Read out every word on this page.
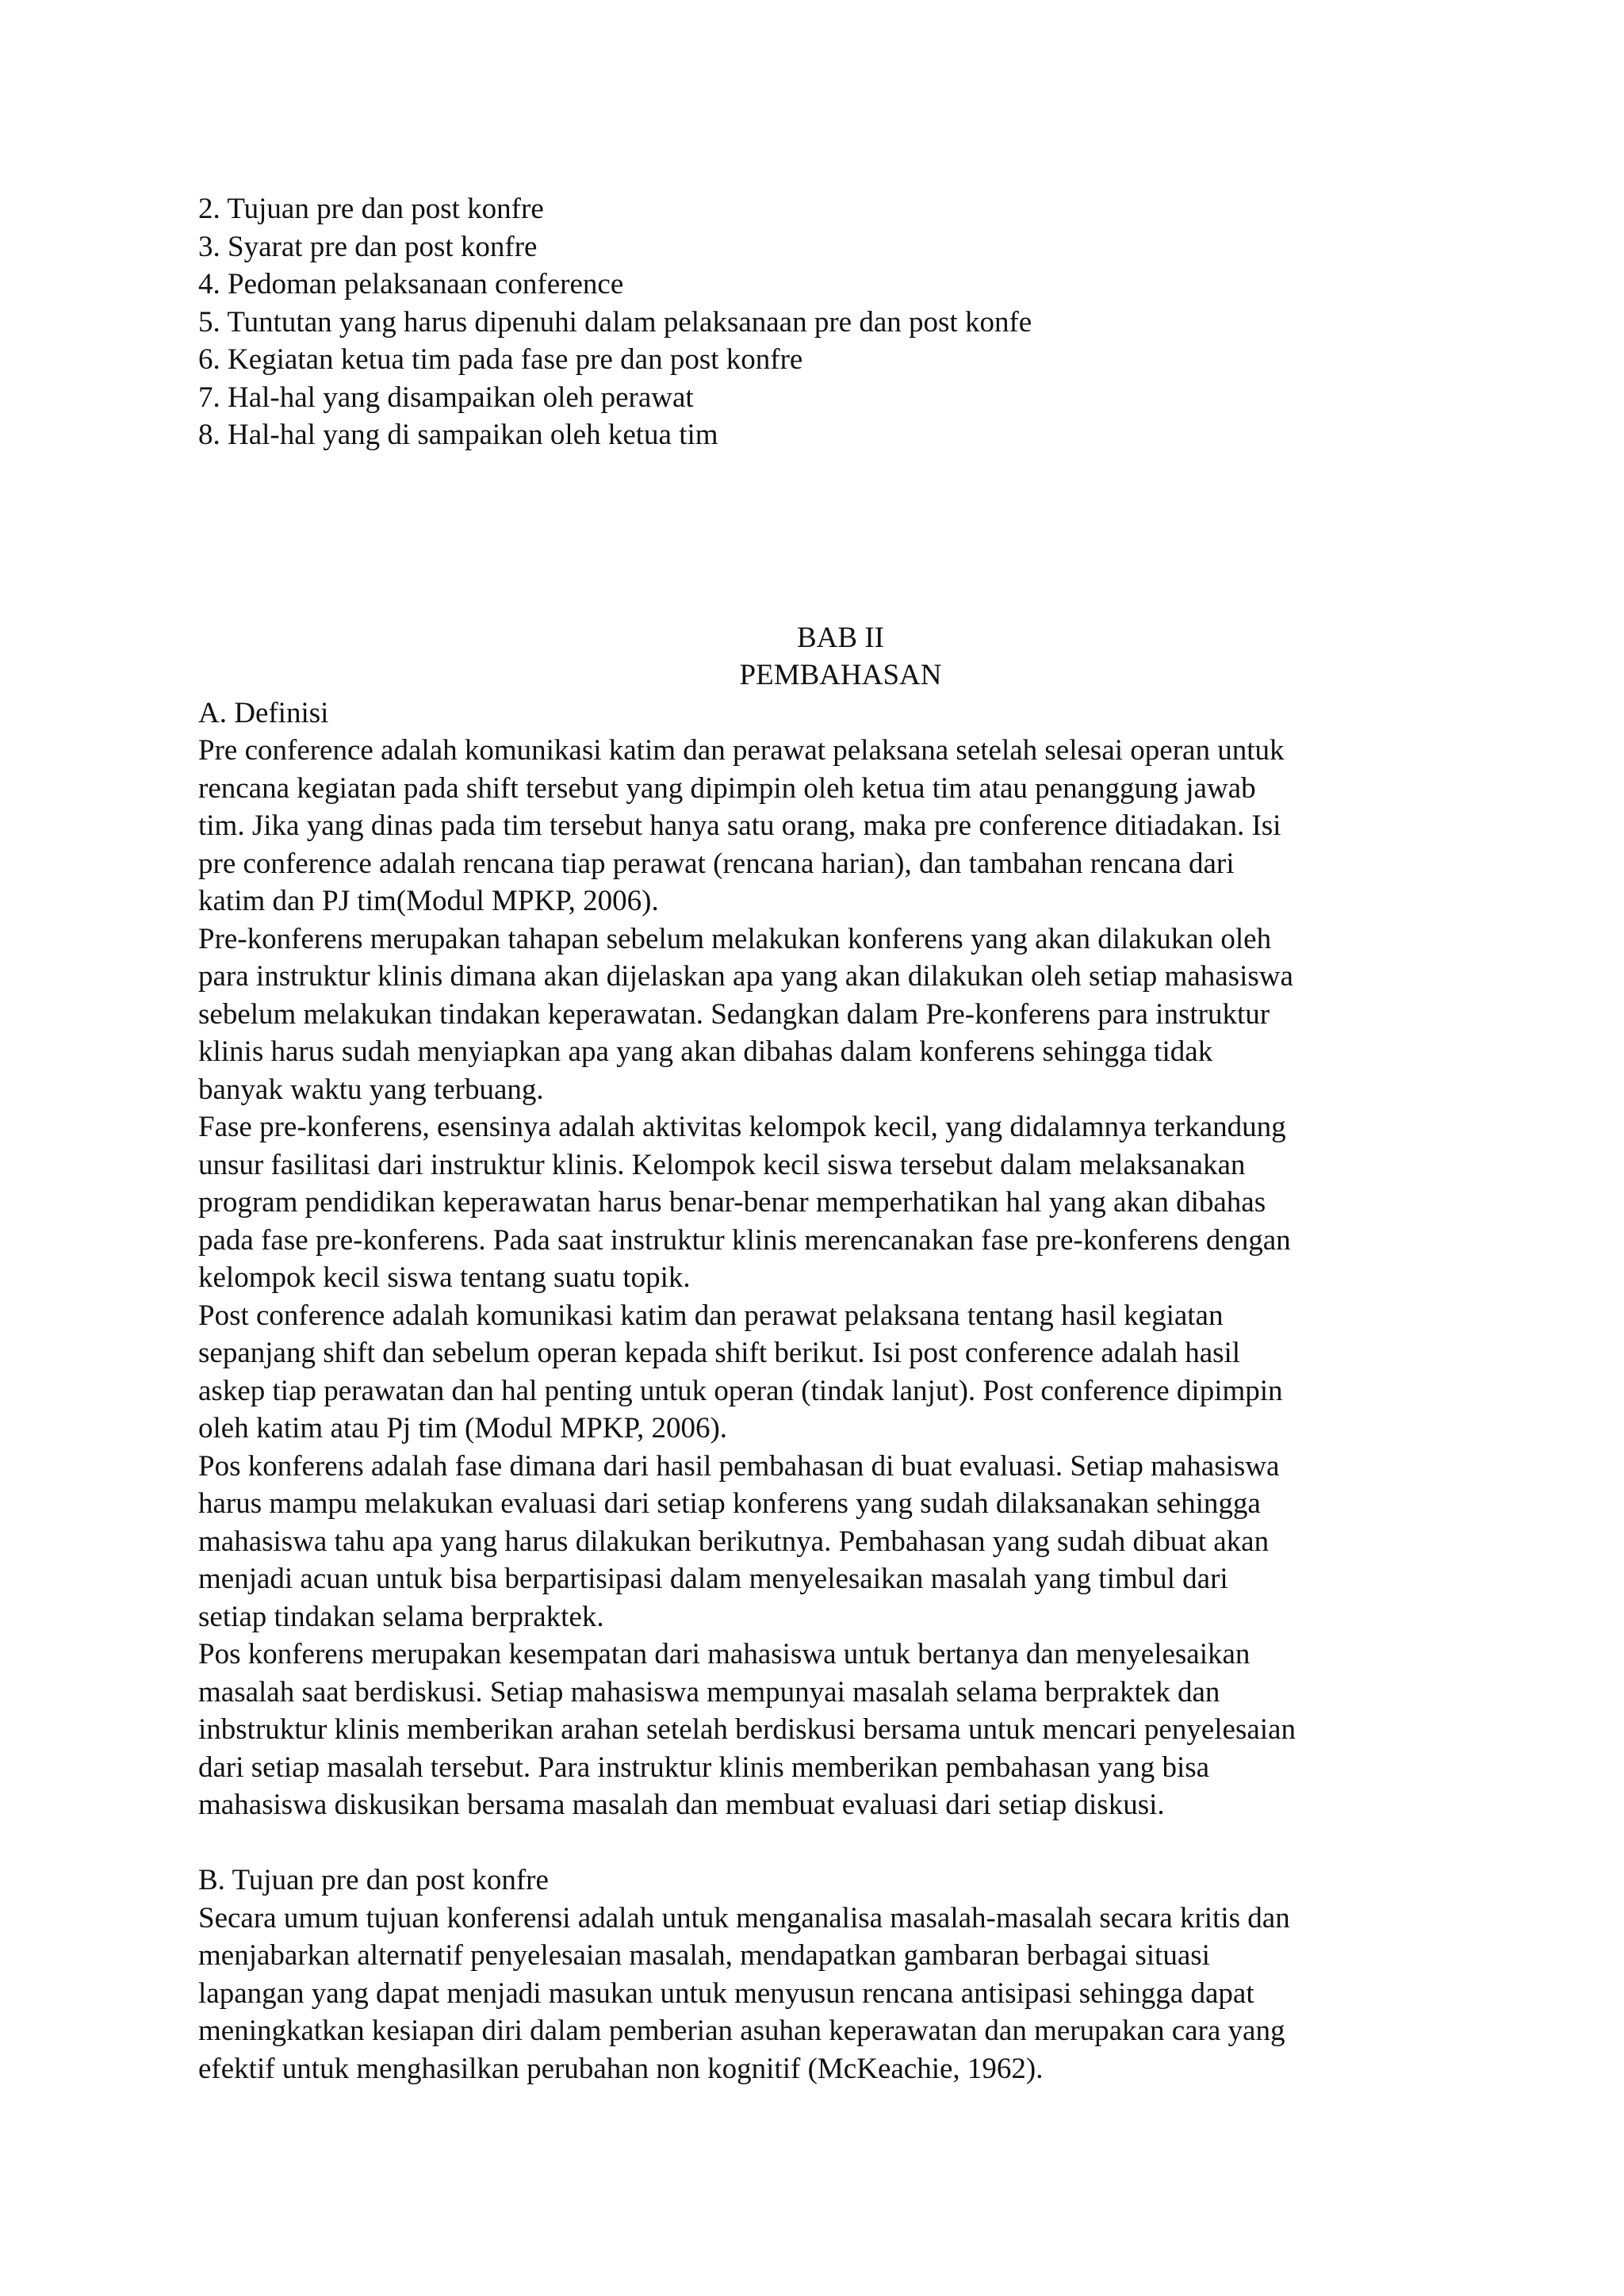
2. Tujuan pre dan post konfre
3. Syarat pre dan post konfre
4. Pedoman pelaksanaan conference
5. Tuntutan yang harus dipenuhi dalam pelaksanaan pre dan post konfe
6. Kegiatan ketua tim pada fase pre dan post konfre
7. Hal-hal yang disampaikan oleh perawat
8. Hal-hal yang di sampaikan oleh ketua tim
BAB II
PEMBAHASAN
A. Definisi
Pre conference adalah komunikasi katim dan perawat pelaksana setelah selesai operan untuk
rencana kegiatan pada shift tersebut yang dipimpin oleh ketua tim atau penanggung jawab
tim. Jika yang dinas pada tim tersebut hanya satu orang, maka pre conference ditiadakan. Isi
pre conference adalah rencana tiap perawat (rencana harian), dan tambahan rencana dari
katim dan PJ tim(Modul MPKP, 2006).
Pre-konferens merupakan tahapan sebelum melakukan konferens yang akan dilakukan oleh
para instruktur klinis dimana akan dijelaskan apa yang akan dilakukan oleh setiap mahasiswa
sebelum melakukan tindakan keperawatan. Sedangkan dalam Pre-konferens para instruktur
klinis harus sudah menyiapkan apa yang akan dibahas dalam konferens sehingga tidak
banyak waktu yang terbuang.
Fase pre-konferens, esensinya adalah aktivitas kelompok kecil, yang didalamnya terkandung
unsur fasilitasi dari instruktur klinis. Kelompok kecil siswa tersebut dalam melaksanakan
program pendidikan keperawatan harus benar-benar memperhatikan hal yang akan dibahas
pada fase pre-konferens. Pada saat instruktur klinis merencanakan fase pre-konferens dengan
kelompok kecil siswa tentang suatu topik.
Post conference adalah komunikasi katim dan perawat pelaksana tentang hasil kegiatan
sepanjang shift dan sebelum operan kepada shift berikut. Isi post conference adalah hasil
askep tiap perawatan dan hal penting untuk operan (tindak lanjut). Post conference dipimpin
oleh katim atau Pj tim (Modul MPKP, 2006).
Pos konferens adalah fase dimana dari hasil pembahasan di buat evaluasi. Setiap mahasiswa
harus mampu melakukan evaluasi dari setiap konferens yang sudah dilaksanakan sehingga
mahasiswa tahu apa yang harus dilakukan berikutnya. Pembahasan yang sudah dibuat akan
menjadi acuan untuk bisa berpartisipasi dalam menyelesaikan masalah yang timbul dari
setiap tindakan selama berpraktek.
Pos konferens merupakan kesempatan dari mahasiswa untuk bertanya dan menyelesaikan
masalah saat berdiskusi. Setiap mahasiswa mempunyai masalah selama berpraktek dan
inbstruktur klinis memberikan arahan setelah berdiskusi bersama untuk mencari penyelesaian
dari setiap masalah tersebut. Para instruktur klinis memberikan pembahasan yang bisa
mahasiswa diskusikan bersama masalah dan membuat evaluasi dari setiap diskusi.
B. Tujuan pre dan post konfre
Secara umum tujuan konferensi adalah untuk menganalisa masalah-masalah secara kritis dan
menjabarkan alternatif penyelesaian masalah, mendapatkan gambaran berbagai situasi
lapangan yang dapat menjadi masukan untuk menyusun rencana antisipasi sehingga dapat
meningkatkan kesiapan diri dalam pemberian asuhan keperawatan dan merupakan cara yang
efektif untuk menghasilkan perubahan non kognitif (McKeachie, 1962).
